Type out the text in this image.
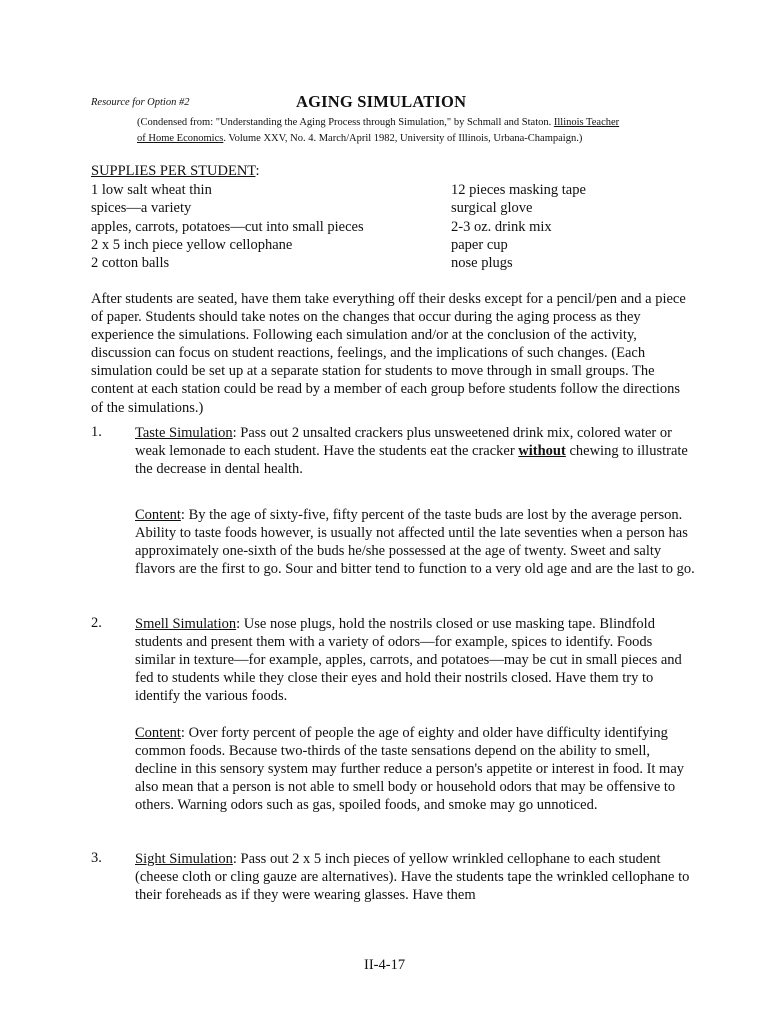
Resource for Option #2	AGING SIMULATION
(Condensed from: "Understanding the Aging Process through Simulation," by Schmall and Staton. Illinois Teacher of Home Economics. Volume XXV, No. 4. March/April 1982, University of Illinois, Urbana-Champaign.)
SUPPLIES PER STUDENT:
1 low salt wheat thin
spices—a variety
apples, carrots, potatoes—cut into small pieces
2 x 5 inch piece yellow cellophane
2 cotton balls
12 pieces masking tape
surgical glove
2-3 oz. drink mix
paper cup
nose plugs
After students are seated, have them take everything off their desks except for a pencil/pen and a piece of paper. Students should take notes on the changes that occur during the aging process as they experience the simulations. Following each simulation and/or at the conclusion of the activity, discussion can focus on student reactions, feelings, and the implications of such changes. (Each simulation could be set up at a separate station for students to move through in small groups. The content at each station could be read by a member of each group before students follow the directions of the simulations.)
1. Taste Simulation: Pass out 2 unsalted crackers plus unsweetened drink mix, colored water or weak lemonade to each student. Have the students eat the cracker without chewing to illustrate the decrease in dental health.
Content: By the age of sixty-five, fifty percent of the taste buds are lost by the average person. Ability to taste foods however, is usually not affected until the late seventies when a person has approximately one-sixth of the buds he/she possessed at the age of twenty. Sweet and salty flavors are the first to go. Sour and bitter tend to function to a very old age and are the last to go.
2. Smell Simulation: Use nose plugs, hold the nostrils closed or use masking tape. Blindfold students and present them with a variety of odors—for example, spices to identify. Foods similar in texture—for example, apples, carrots, and potatoes—may be cut in small pieces and fed to students while they close their eyes and hold their nostrils closed. Have them try to identify the various foods.
Content: Over forty percent of people the age of eighty and older have difficulty identifying common foods. Because two-thirds of the taste sensations depend on the ability to smell, decline in this sensory system may further reduce a person's appetite or interest in food. It may also mean that a person is not able to smell body or household odors that may be offensive to others. Warning odors such as gas, spoiled foods, and smoke may go unnoticed.
3. Sight Simulation: Pass out 2 x 5 inch pieces of yellow wrinkled cellophane to each student (cheese cloth or cling gauze are alternatives). Have the students tape the wrinkled cellophane to their foreheads as if they were wearing glasses. Have them
II-4-17
